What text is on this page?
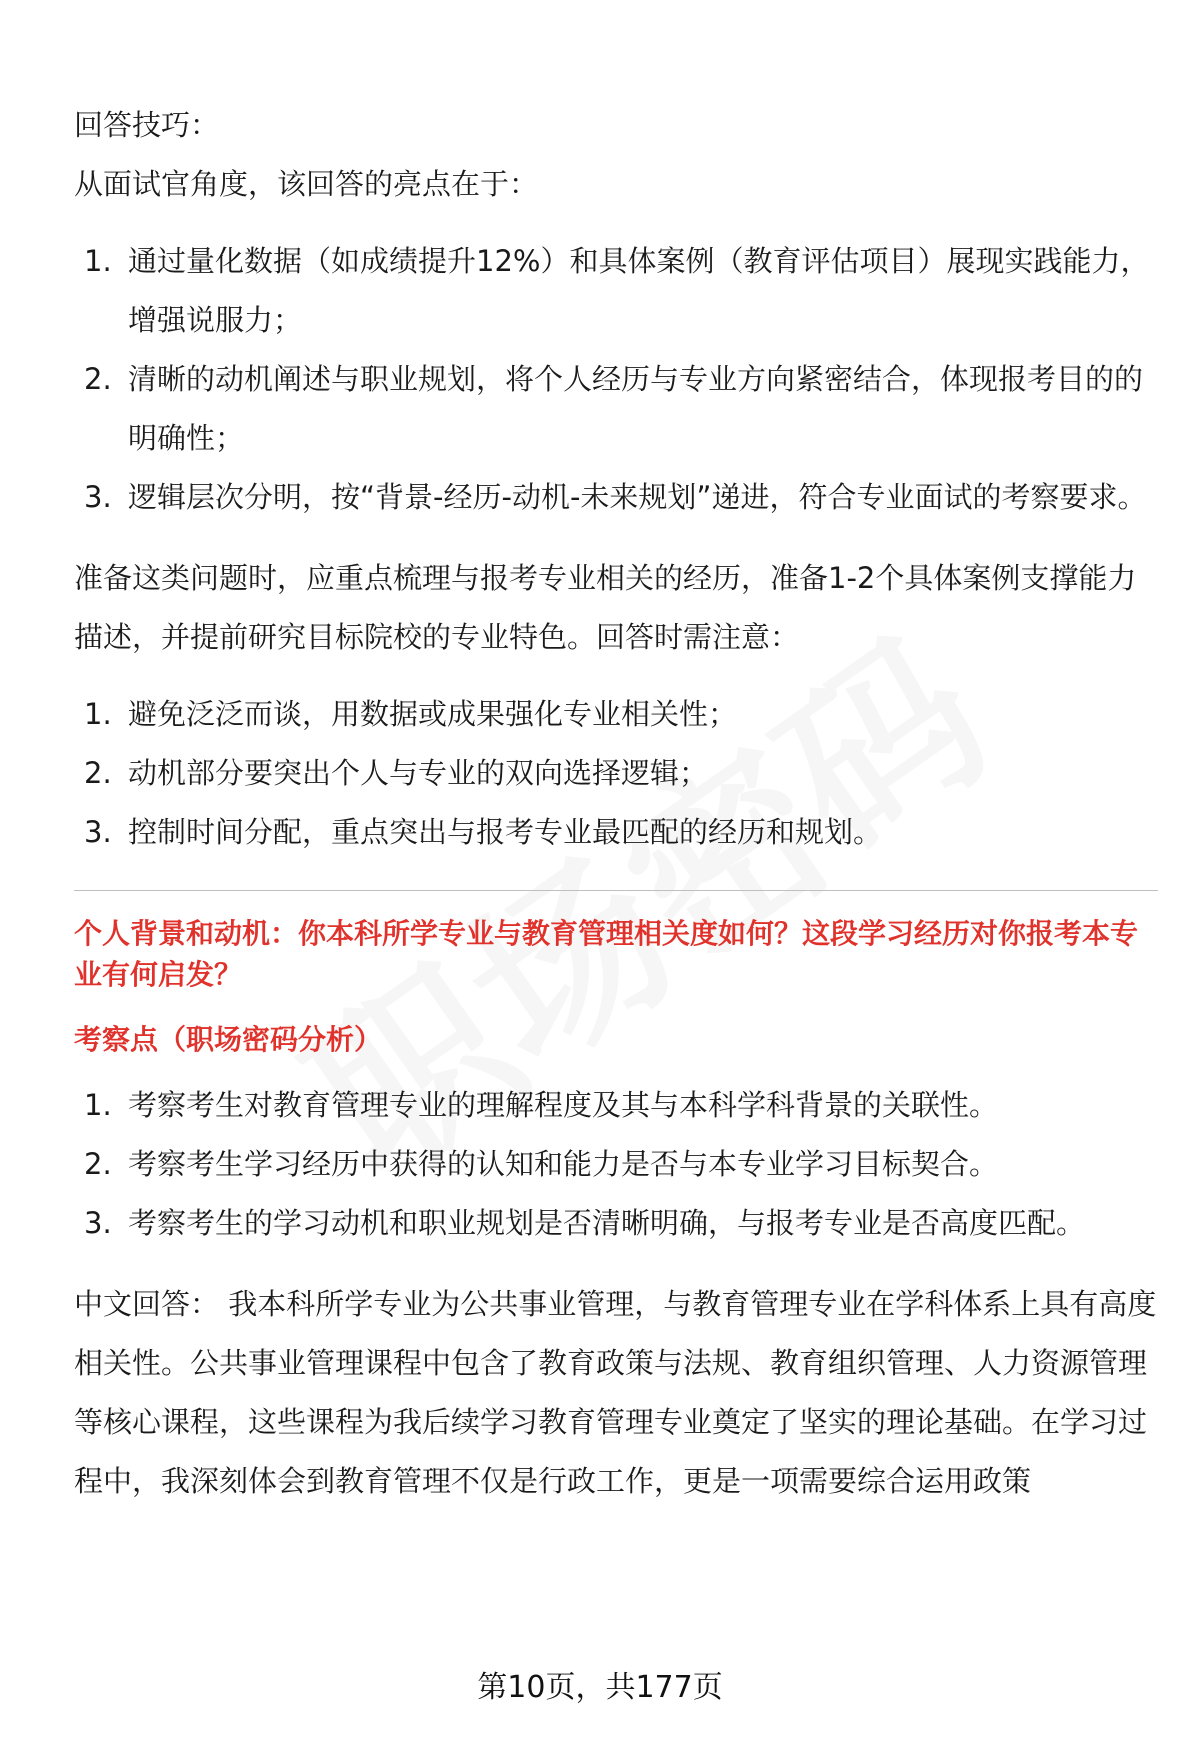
回答技巧：

从面试官角度，该回答的亮点在于：

1. 通过量化数据（如成绩提升12%）和具体案例（教育评估项目）展现实践能力，增强说服力；
2. 清晰的动机阐述与职业规划，将个人经历与专业方向紧密结合，体现报考目的的明确性；
3. 逻辑层次分明，按“背景-经历-动机-未来规划”递进，符合专业面试的考察要求。

准备这类问题时，应重点梳理与报考专业相关的经历，准备1-2个具体案例支撑能力描述，并提前研究目标院校的专业特色。回答时需注意：

1. 避免泛泛而谈，用数据或成果强化专业相关性；
2. 动机部分要突出个人与专业的双向选择逻辑；
3. 控制时间分配，重点突出与报考专业最匹配的经历和规划。

个人背景和动机：你本科所学专业与教育管理相关度如何？这段学习经历对你报考本专业有何启发？

考察点（职场密码分析）

1. 考察考生对教育管理专业的理解程度及其与本科学科背景的关联性。
2. 考察考生学习经历中获得的认知和能力是否与本专业学习目标契合。
3. 考察考生的学习动机和职业规划是否清晰明确，与报考专业是否高度匹配。

中文回答： 我本科所学专业为公共事业管理，与教育管理专业在学科体系上具有高度相关性。公共事业管理课程中包含了教育政策与法规、教育组织管理、人力资源管理等核心课程，这些课程为我后续学习教育管理专业奠定了坚实的理论基础。在学习过程中，我深刻体会到教育管理不仅是行政工作，更是一项需要综合运用政策

第10页，共177页
